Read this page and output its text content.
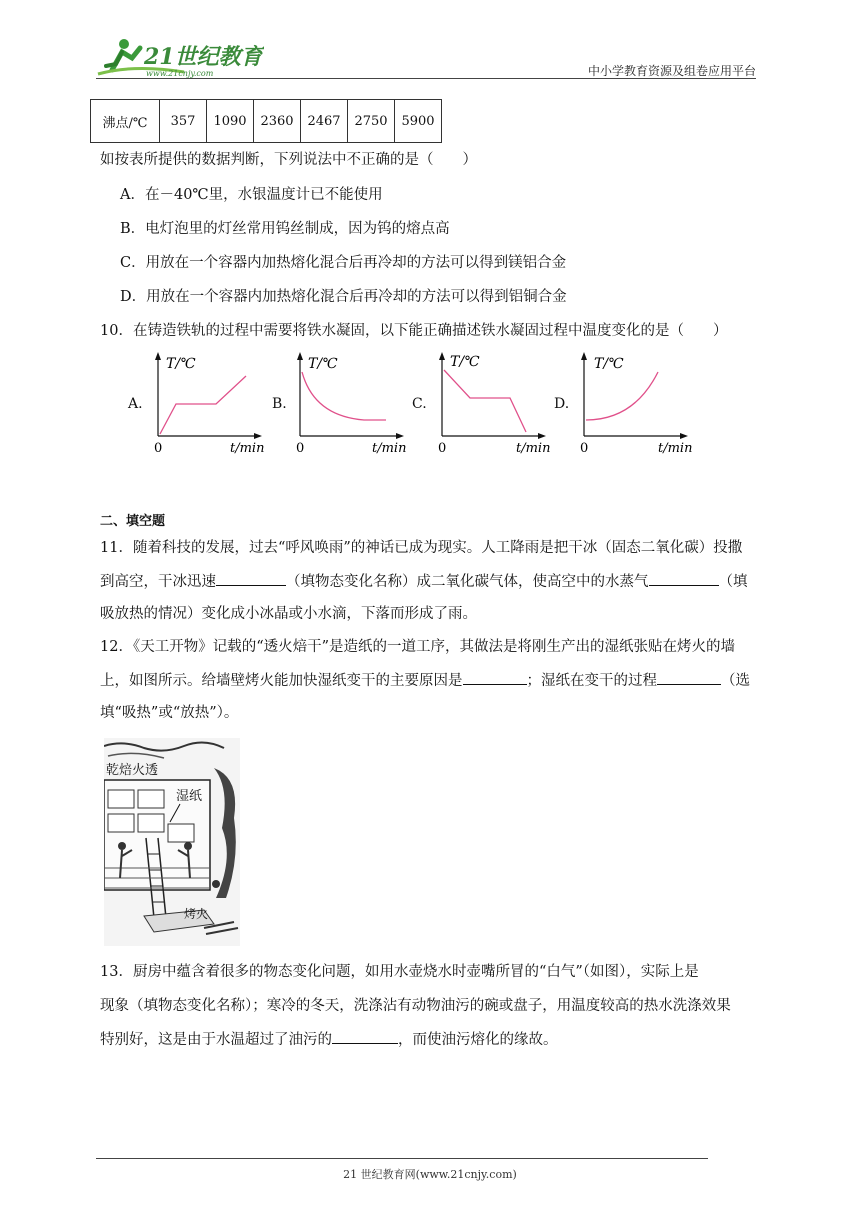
21世纪教育
www.21cnjy.com	中小学教育资源及组卷应用平台
沸点/℃	357	1090	2360	2467	2750	5900
如按表所提供的数据判断，下列说法中不正确的是（　　）
A．在－40℃里，水银温度计已不能使用
B．电灯泡里的灯丝常用钨丝制成，因为钨的熔点高
C．用放在一个容器内加热熔化混合后再冷却的方法可以得到镁铝合金
D．用放在一个容器内加热熔化混合后再冷却的方法可以得到铝铜合金
10．在铸造铁轨的过程中需要将铁水凝固，以下能正确描述铁水凝固过程中温度变化的是（　　）
A.
T/℃
0	t/min
B.
T/℃
0	t/min
C.
T/℃
0	t/min
D.
T/℃
0	t/min
二、填空题
11．随着科技的发展，过去“呼风唤雨”的神话已成为现实。人工降雨是把干冰（固态二氧化碳）投撒
到高空，干冰迅速	（填物态变化名称）成二氧化碳气体，使高空中的水蒸气	（填
吸放热的情况）变化成小冰晶或小水滴，下落而形成了雨。
12．《天工开物》记载的“透火焙干”是造纸的一道工序，其做法是将刚生产出的湿纸张贴在烤火的墙
上，如图所示。给墙壁烤火能加快湿纸变干的主要原因是	；湿纸在变干的过程	（选
填“吸热”或“放热”）。
乾焙火透
湿纸
烤火
13．厨房中蕴含着很多的物态变化问题，如用水壶烧水时壶嘴所冒的“白气”（如图），实际上是
现象（填物态变化名称）；寒冷的冬天，洗涤沾有动物油污的碗或盘子，用温度较高的热水洗涤效果
特别好，这是由于水温超过了油污的	，而使油污熔化的缘故。
21 世纪教育网(www.21cnjy.com)
